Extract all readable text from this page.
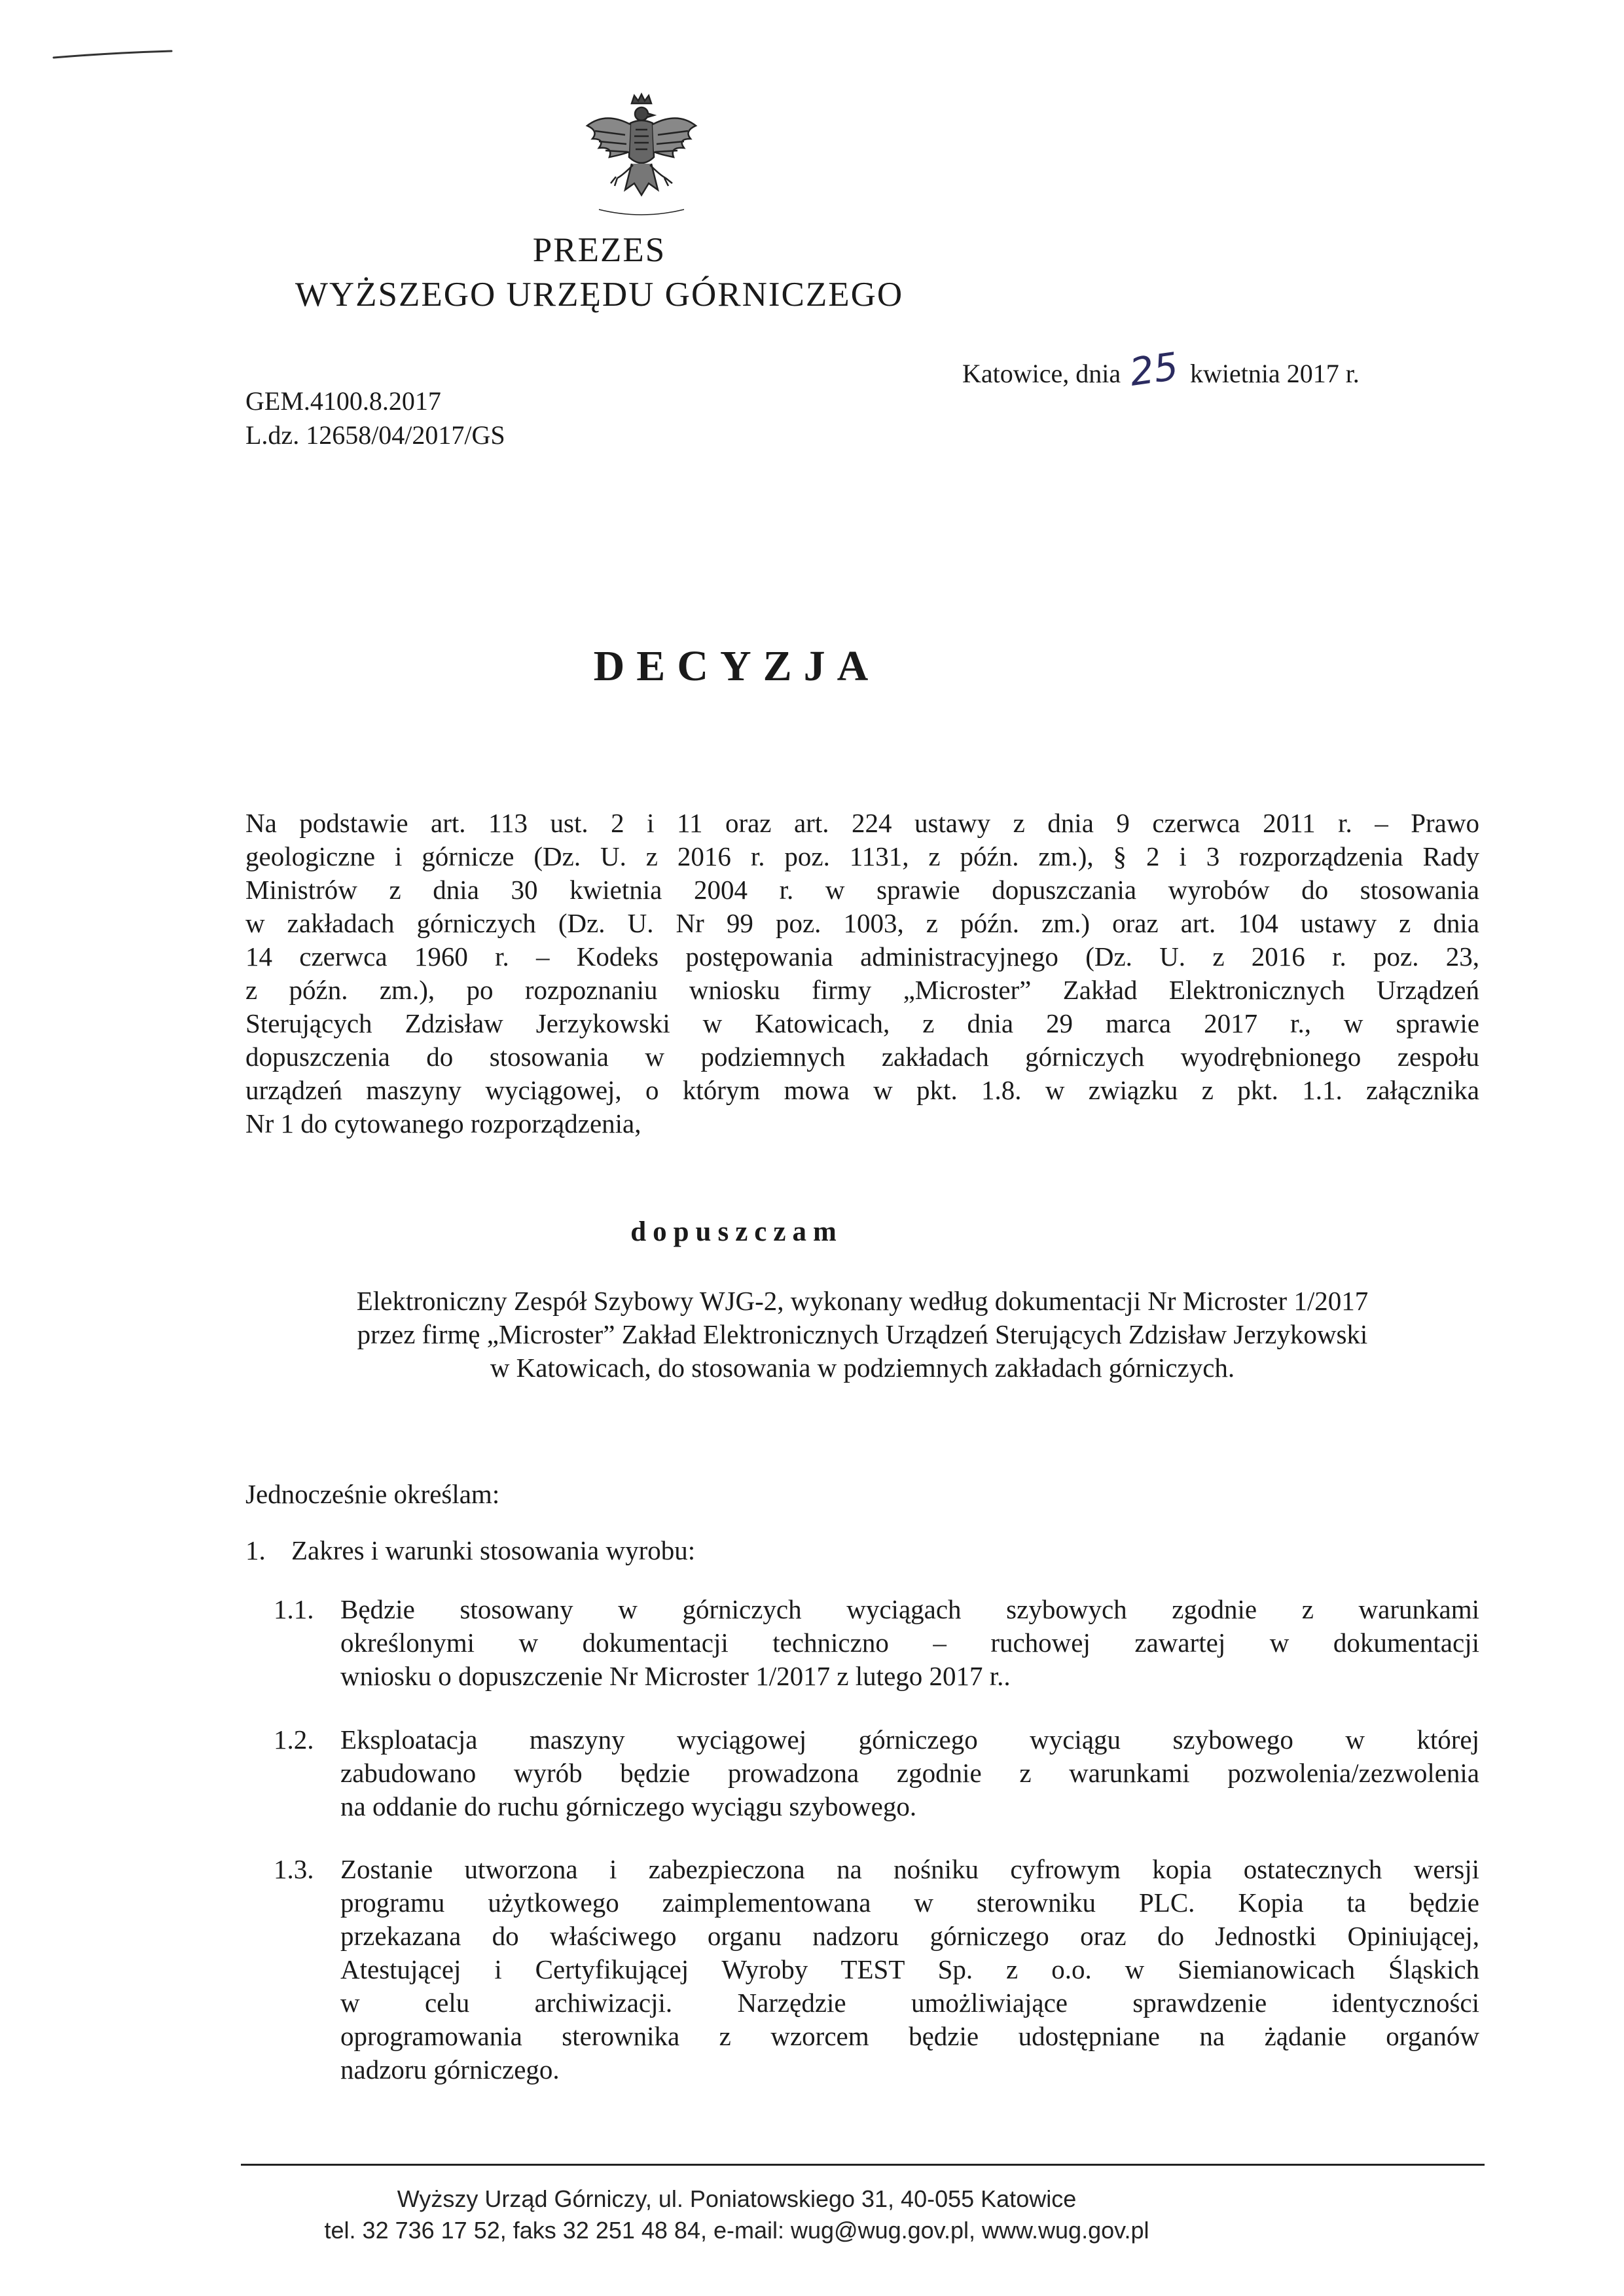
PREZES
WYŻSZEGO URZĘDU GÓRNICZEGO
Katowice, dnia 25 kwietnia 2017 r.
GEM.4100.8.2017
L.dz. 12658/04/2017/GS
DECYZJA
Na podstawie art. 113 ust. 2 i 11 oraz art. 224 ustawy z dnia 9 czerwca 2011 r. – Prawo
geologiczne i górnicze (Dz. U. z 2016 r. poz. 1131, z późn. zm.), § 2 i 3 rozporządzenia Rady
Ministrów z dnia 30 kwietnia 2004 r. w sprawie dopuszczania wyrobów do stosowania
w zakładach górniczych (Dz. U. Nr 99 poz. 1003, z późn. zm.) oraz art. 104 ustawy z dnia
14 czerwca 1960 r. – Kodeks postępowania administracyjnego (Dz. U. z 2016 r. poz. 23,
z późn. zm.), po rozpoznaniu wniosku firmy „Microster” Zakład Elektronicznych Urządzeń
Sterujących Zdzisław Jerzykowski w Katowicach, z dnia 29 marca 2017 r., w sprawie
dopuszczenia do stosowania w podziemnych zakładach górniczych wyodrębnionego zespołu
urządzeń maszyny wyciągowej, o którym mowa w pkt. 1.8. w związku z pkt. 1.1. załącznika
Nr 1 do cytowanego rozporządzenia,
dopuszczam
Elektroniczny Zespół Szybowy WJG-2, wykonany według dokumentacji Nr Microster 1/2017
przez firmę „Microster” Zakład Elektronicznych Urządzeń Sterujących Zdzisław Jerzykowski
w Katowicach, do stosowania w podziemnych zakładach górniczych.
Jednocześnie określam:
1. Zakres i warunki stosowania wyrobu:
1.1. Będzie stosowany w górniczych wyciągach szybowych zgodnie z warunkami
określonymi w dokumentacji techniczno – ruchowej zawartej w dokumentacji
wniosku o dopuszczenie Nr Microster 1/2017 z lutego 2017 r..
1.2. Eksploatacja maszyny wyciągowej górniczego wyciągu szybowego w której
zabudowano wyrób będzie prowadzona zgodnie z warunkami pozwolenia/zezwolenia
na oddanie do ruchu górniczego wyciągu szybowego.
1.3. Zostanie utworzona i zabezpieczona na nośniku cyfrowym kopia ostatecznych wersji
programu użytkowego zaimplementowana w sterowniku PLC. Kopia ta będzie
przekazana do właściwego organu nadzoru górniczego oraz do Jednostki Opiniującej,
Atestującej i Certyfikującej Wyroby TEST Sp. z o.o. w Siemianowicach Śląskich
w celu archiwizacji. Narzędzie umożliwiające sprawdzenie identyczności
oprogramowania sterownika z wzorcem będzie udostępniane na żądanie organów
nadzoru górniczego.
Wyższy Urząd Górniczy, ul. Poniatowskiego 31, 40-055 Katowice
tel. 32 736 17 52, faks 32 251 48 84, e-mail: wug@wug.gov.pl, www.wug.gov.pl
